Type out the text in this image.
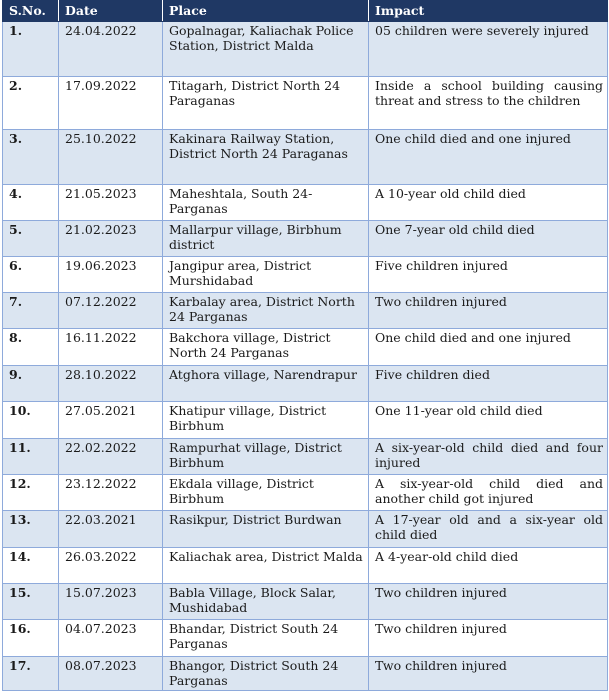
S.No.	Date	Place	Impact
1.	24.04.2022	Gopalnagar, Kaliachak Police Station, District Malda	05 children were severely injured
2.	17.09.2022	Titagarh, District North 24 Paraganas	Inside a school building causing threat and stress to the children
3.	25.10.2022	Kakinara Railway Station, District North 24 Paraganas	One child died and one injured
4.	21.05.2023	Maheshtala, South 24-Parganas	A 10-year old child died
5.	21.02.2023	Mallarpur village, Birbhum district	One 7-year old child died
6.	19.06.2023	Jangipur area, District Murshidabad	Five children injured
7.	07.12.2022	Karbalay area, District North 24 Parganas	Two children injured
8.	16.11.2022	Bakchora village, District North 24 Parganas	One child died and one injured
9.	28.10.2022	Atghora village, Narendrapur	Five children died
10.	27.05.2021	Khatipur village, District Birbhum	One 11-year old child died
11.	22.02.2022	Rampurhat village, District Birbhum	A six-year-old child died and four injured
12.	23.12.2022	Ekdala village, District Birbhum	A six-year-old child died and another child got injured
13.	22.03.2021	Rasikpur, District Burdwan	A 17-year old and a six-year old child died
14.	26.03.2022	Kaliachak area, District Malda	A 4-year-old child died
15.	15.07.2023	Babla Village, Block Salar, Mushidabad	Two children injured
16.	04.07.2023	Bhandar, District South 24 Parganas	Two children injured
17.	08.07.2023	Bhangor, District South 24 Parganas	Two children injured
